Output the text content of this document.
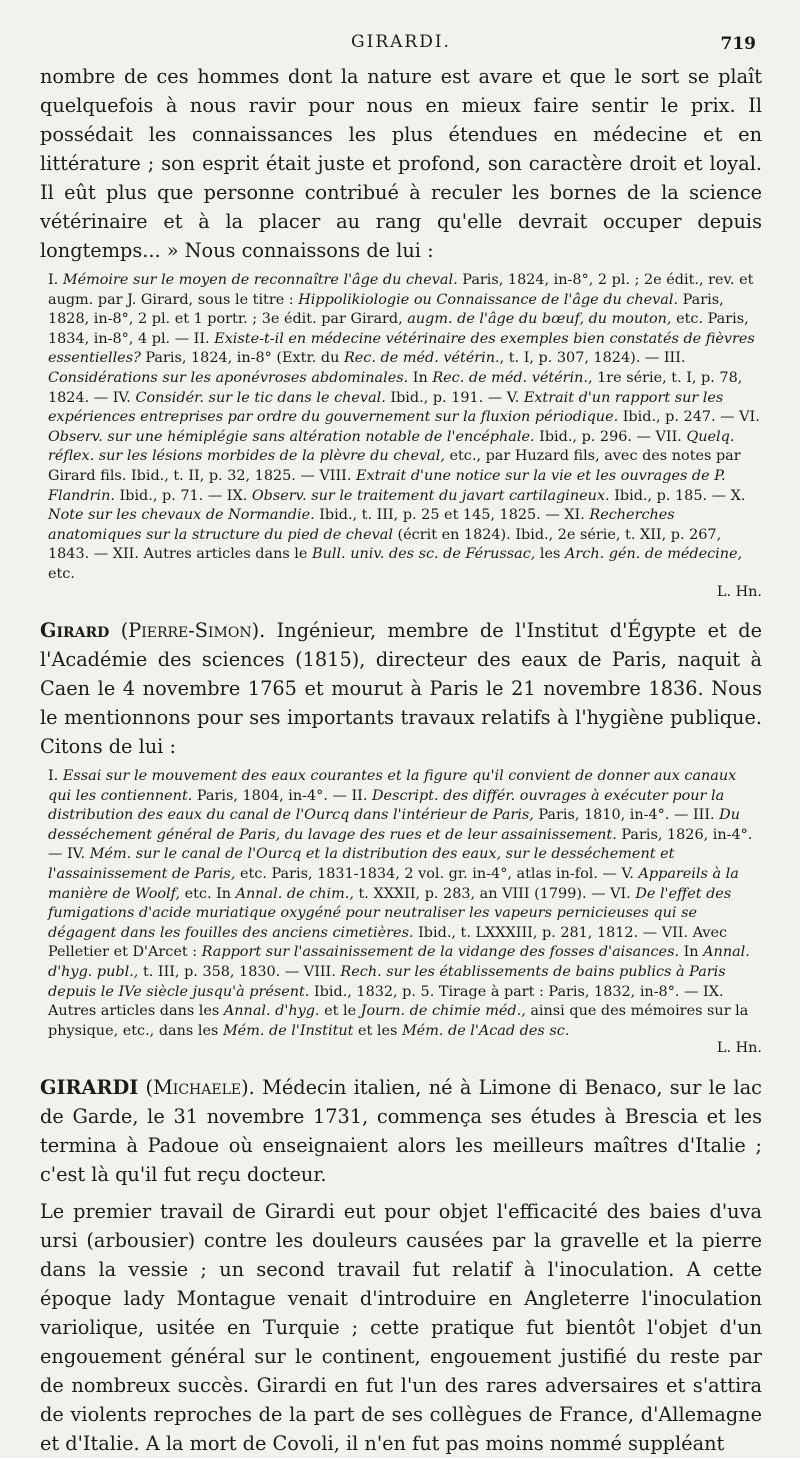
GIRARDI.	719

nombre de ces hommes dont la nature est avare et que le sort se plaît quelquefois à nous ravir pour nous en mieux faire sentir le prix. Il possédait les connaissances les plus étendues en médecine et en littérature ; son esprit était juste et profond, son caractère droit et loyal. Il eût plus que personne contribué à reculer les bornes de la science vétérinaire et à la placer au rang qu'elle devrait occuper depuis longtemps... » Nous connaissons de lui :

I. Mémoire sur le moyen de reconnaître l'âge du cheval. Paris, 1824, in-8°, 2 pl. ; 2e édit., rev. et augm. par J. Girard, sous le titre : Hippolikiologie ou Connaissance de l'âge du cheval. Paris, 1828, in-8°, 2 pl. et 1 portr. ; 3e édit. par Girard, augm. de l'âge du bœuf, du mouton, etc. Paris, 1834, in-8°, 4 pl. — II. Existe-t-il en médecine vétérinaire des exemples bien constatés de fièvres essentielles? Paris, 1824, in-8° (Extr. du Rec. de méd. vétérin., t. I, p. 307, 1824). — III. Considérations sur les aponévroses abdominales. In Rec. de méd. vétérin., 1re série, t. I, p. 78, 1824. — IV. Considér. sur le tic dans le cheval. Ibid., p. 191. — V. Extrait d'un rapport sur les expériences entreprises par ordre du gouvernement sur la fluxion périodique. Ibid., p. 247. — VI. Observ. sur une hémiplégie sans altération notable de l'encéphale. Ibid., p. 296. — VII. Quelq. réflex. sur les lésions morbides de la plèvre du cheval, etc., par Huzard fils, avec des notes par Girard fils. Ibid., t. II, p. 32, 1825. — VIII. Extrait d'une notice sur la vie et les ouvrages de P. Flandrin. Ibid., p. 71. — IX. Observ. sur le traitement du javart cartilagineux. Ibid., p. 185. — X. Note sur les chevaux de Normandie. Ibid., t. III, p. 25 et 145, 1825. — XI. Recherches anatomiques sur la structure du pied de cheval (écrit en 1824). Ibid., 2e série, t. XII, p. 267, 1843. — XII. Autres articles dans le Bull. univ. des sc. de Férussac, les Arch. gén. de médecine, etc.
L. Hn.

Girard (Pierre-Simon). Ingénieur, membre de l'Institut d'Égypte et de l'Académie des sciences (1815), directeur des eaux de Paris, naquit à Caen le 4 novembre 1765 et mourut à Paris le 21 novembre 1836. Nous le mentionnons pour ses importants travaux relatifs à l'hygiène publique. Citons de lui :

I. Essai sur le mouvement des eaux courantes et la figure qu'il convient de donner aux canaux qui les contiennent. Paris, 1804, in-4°. — II. Descript. des différ. ouvrages à exécuter pour la distribution des eaux du canal de l'Ourcq dans l'intérieur de Paris, Paris, 1810, in-4°. — III. Du desséchement général de Paris, du lavage des rues et de leur assainissement. Paris, 1826, in-4°. — IV. Mém. sur le canal de l'Ourcq et la distribution des eaux, sur le desséchement et l'assainissement de Paris, etc. Paris, 1831-1834, 2 vol. gr. in-4°, atlas in-fol. — V. Appareils à la manière de Woolf, etc. In Annal. de chim., t. XXXII, p. 283, an VIII (1799). — VI. De l'effet des fumigations d'acide muriatique oxygéné pour neutraliser les vapeurs pernicieuses qui se dégagent dans les fouilles des anciens cimetières. Ibid., t. LXXXIII, p. 281, 1812. — VII. Avec Pelletier et D'Arcet : Rapport sur l'assainissement de la vidange des fosses d'aisances. In Annal. d'hyg. publ., t. III, p. 358, 1830. — VIII. Rech. sur les établissements de bains publics à Paris depuis le IVe siècle jusqu'à présent. Ibid., 1832, p. 5. Tirage à part : Paris, 1832, in-8°. — IX. Autres articles dans les Annal. d'hyg. et le Journ. de chimie méd., ainsi que des mémoires sur la physique, etc., dans les Mém. de l'Institut et les Mém. de l'Acad des sc.
L. Hn.

GIRARDI (Michaele). Médecin italien, né à Limone di Benaco, sur le lac de Garde, le 31 novembre 1731, commença ses études à Brescia et les termina à Padoue où enseignaient alors les meilleurs maîtres d'Italie ; c'est là qu'il fut reçu docteur.

Le premier travail de Girardi eut pour objet l'efficacité des baies d'uva ursi (arbousier) contre les douleurs causées par la gravelle et la pierre dans la vessie ; un second travail fut relatif à l'inoculation. A cette époque lady Montague venait d'introduire en Angleterre l'inoculation variolique, usitée en Turquie ; cette pratique fut bientôt l'objet d'un engouement général sur le continent, engouement justifié du reste par de nombreux succès. Girardi en fut l'un des rares adversaires et s'attira de violents reproches de la part de ses collègues de France, d'Allemagne et d'Italie. A la mort de Covoli, il n'en fut pas moins nommé suppléant
